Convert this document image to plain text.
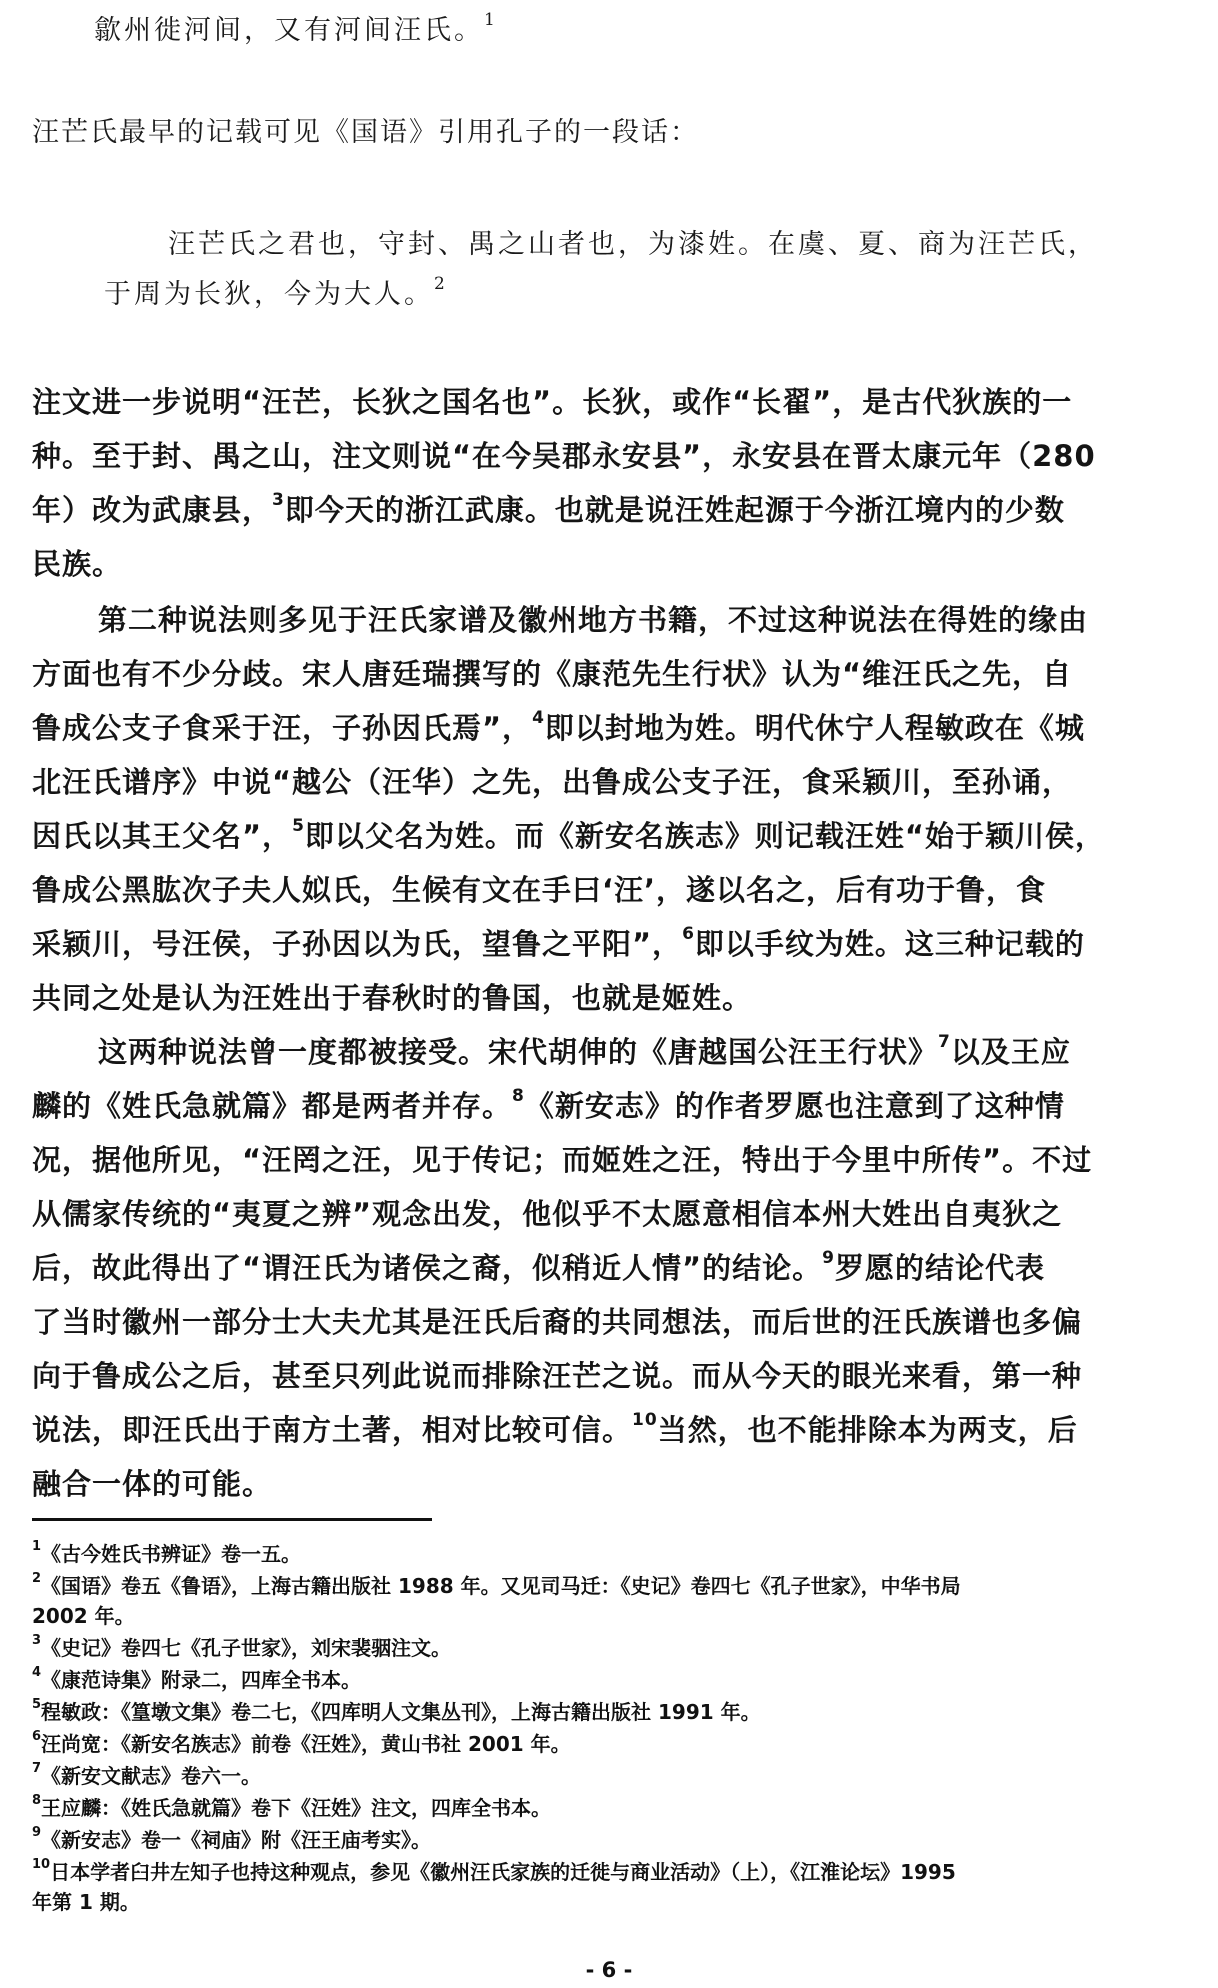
歙州徙河间，又有河间汪氏。$^1$
汪芒氏最早的记载可见《国语》引用孔子的一段话：
汪芒氏之君也，守封、禺之山者也，为漆姓。在虞、夏、商为汪芒氏，
于周为长狄，今为大人。$^2$
注文进一步说明“汪芒，长狄之国名也”。长狄，或作“长翟”，是古代狄族的一
种。至于封、禺之山，注文则说“在今吴郡永安县”，永安县在晋太康元年（280
年）改为武康县，$^3$即今天的浙江武康。也就是说汪姓起源于今浙江境内的少数
民族。
第二种说法则多见于汪氏家谱及徽州地方书籍，不过这种说法在得姓的缘由
方面也有不少分歧。宋人唐廷瑞撰写的《康范先生行状》认为“维汪氏之先，自
鲁成公支子食采于汪，子孙因氏焉”，$^4$即以封地为姓。明代休宁人程敏政在《城
北汪氏谱序》中说“越公（汪华）之先，出鲁成公支子汪，食采颖川，至孙诵，
因氏以其王父名”，$^5$即以父名为姓。而《新安名族志》则记载汪姓“始于颖川侯，
鲁成公黑肱次子夫人姒氏，生候有文在手曰‘汪’，遂以名之，后有功于鲁，食
采颖川，号汪侯，子孙因以为氏，望鲁之平阳”，$^6$即以手纹为姓。这三种记载的
共同之处是认为汪姓出于春秋时的鲁国，也就是姬姓。
这两种说法曾一度都被接受。宋代胡伸的《唐越国公汪王行状》$^7$以及王应
麟的《姓氏急就篇》都是两者并存。$^8$《新安志》的作者罗愿也注意到了这种情
况，据他所见，“汪罔之汪，见于传记；而姬姓之汪，特出于今里中所传”。不过
从儒家传统的“夷夏之辨”观念出发，他似乎不太愿意相信本州大姓出自夷狄之
后，故此得出了“谓汪氏为诸侯之裔，似稍近人情”的结论。$^9$罗愿的结论代表
了当时徽州一部分士大夫尤其是汪氏后裔的共同想法，而后世的汪氏族谱也多偏
向于鲁成公之后，甚至只列此说而排除汪芒之说。而从今天的眼光来看，第一种
说法，即汪氏出于南方土著，相对比较可信。$^{10}$当然，也不能排除本为两支，后
融合一体的可能。
$^1$《古今姓氏书辨证》卷一五。
$^2$《国语》卷五《鲁语》，上海古籍出版社 1988 年。又见司马迁：《史记》卷四七《孔子世家》，中华书局
2002 年。
$^3$《史记》卷四七《孔子世家》，刘宋裴骃注文。
$^4$《康范诗集》附录二，四库全书本。
$^5$程敏政：《篁墩文集》卷二七，《四库明人文集丛刊》，上海古籍出版社 1991 年。
$^6$汪尚宽：《新安名族志》前卷《汪姓》，黄山书社 2001 年。
$^7$《新安文献志》卷六一。
$^8$王应麟：《姓氏急就篇》卷下《汪姓》注文，四库全书本。
$^9$《新安志》卷一《祠庙》附《汪王庙考实》。
$^{10}$日本学者臼井左知子也持这种观点，参见《徽州汪氏家族的迁徙与商业活动》（上），《江淮论坛》1995
年第 1 期。
- 6 -
